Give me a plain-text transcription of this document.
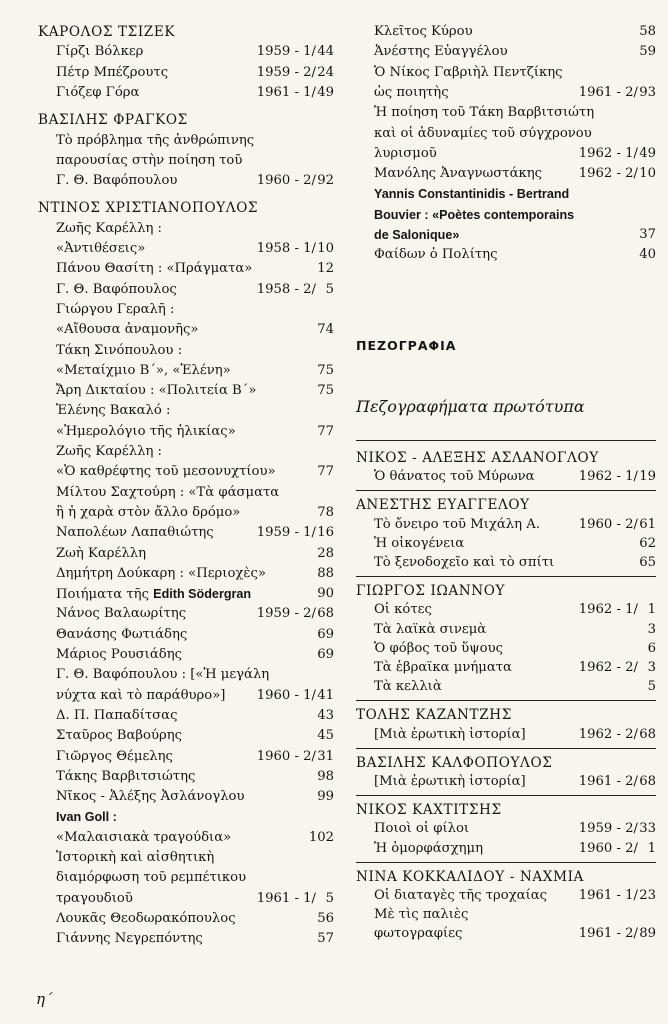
ΚΑΡΟΛΟΣ ΤΣΙΖΕΚ
Γίρζι Βόλκερ	1959 - 1/ 44
Πέτρ Μπέζρουτς	1959 - 2/ 24
Γιόζεφ Γόρα	1961 - 1/ 49
ΒΑΣΙΛΗΣ ΦΡΑΓΚΟΣ
Τὸ πρόβλημα τῆς ἀνθρώπινης
παρουσίας στὴν ποίηση τοῦ
Γ. Θ. Βαφόπουλου	1960 - 2/ 92
ΝΤΙΝΟΣ ΧΡΙΣΤΙΑΝΟΠΟΥΛΟΣ
Ζωῆς Καρέλλη :
«Ἀντιθέσεις»	1958 - 1/ 10
Πάνου Θασίτη : «Πράγματα»	12
Γ. Θ. Βαφόπουλος	1958 - 2/ 5
Γιώργου Γεραλῆ :
«Αἴθουσα ἀναμονῆς»	74
Τάκη Σινόπουλου :
«Μεταίχμιο Β΄», «Ἑλένη»	75
Ἄρη Δικταίου : «Πολιτεία Β΄»	75
Ἑλένης Βακαλό :
«Ἡμερολόγιο τῆς ἡλικίας»	77
Ζωῆς Καρέλλη :
«Ὁ καθρέφτης τοῦ μεσονυχτίου»	77
Μίλτου Σαχτούρη : «Τὰ φάσματα
ἢ ἡ χαρὰ στὸν ἄλλο δρόμο»	78
Ναπολέων Λαπαθιώτης	1959 - 1/ 16
Ζωὴ Καρέλλη	28
Δημήτρη Δούκαρη : «Περιοχὲς»	88
Ποιήματα τῆς Edith Södergran	90
Νάνος Βαλαωρίτης	1959 - 2/ 68
Θανάσης Φωτιάδης	69
Μάριος Ρουσιάδης	69
Γ. Θ. Βαφόπουλου : [«Ἡ μεγάλη
νύχτα καὶ τὸ παράθυρο»] 1960 - 1/ 41
Δ. Π. Παπαδίτσας	43
Σταῦρος Βαβούρης	45
Γιῶργος Θέμελης	1960 - 2/ 31
Τάκης Βαρβιτσιώτης	98
Νῖκος - Ἀλέξης Ἀσλάνογλου	99
Ivan Goll :
«Μαλαισιακὰ τραγούδια»	102
Ἱστορικὴ καὶ αἰσθητικὴ
διαμόρφωση τοῦ ρεμπέτικου
τραγουδιοῦ	1961 - 1/ 5
Λουκᾶς Θεοδωρακόπουλος	56
Γιάννης Νεγρεπόντης	57
Κλεῖτος Κύρου	58
Ἀνέστης Εὐαγγέλου	59
Ὁ Νίκος Γαβριὴλ Πεντζίκης
ὡς ποιητὴς	1961 - 2/ 93
Ἡ ποίηση τοῦ Τάκη Βαρβιτσιώτη
καὶ οἱ ἀδυναμίες τοῦ σύγχρονου
λυρισμοῦ	1962 - 1/ 49
Μανόλης Ἀναγνωστάκης	1962 - 2/ 10
Yannis Constantinidis - Bertrand
Bouvier : «Poètes contemporains
de Salonique»	37
Φαίδων ὁ Πολίτης	40
ΠΕΖΟΓΡΑΦΙΑ
Πεζογραφήματα πρωτότυπα
ΝΙΚΟΣ - ΑΛΕΞΗΣ ΑΣΛΑΝΟΓΛΟΥ
Ὁ θάνατος τοῦ Μύρωνα	1962 - 1/ 19
ΑΝΕΣΤΗΣ ΕΥΑΓΓΕΛΟΥ
Τὸ ὄνειρο τοῦ Μιχάλη Α.	1960 - 2/ 61
Ἡ οἰκογένεια	62
Τὸ ξενοδοχεῖο καὶ τὸ σπίτι	65
ΓΙΩΡΓΟΣ ΙΩΑΝΝΟΥ
Οἱ κότες	1962 - 1/ 1
Τὰ λαϊκὰ σινεμὰ	3
Ὁ φόβος τοῦ ὕψους	6
Τὰ ἑβραϊκα μνήματα	1962 - 2/ 3
Τὰ κελλιὰ	5
ΤΟΛΗΣ ΚΑΖΑΝΤΖΗΣ
[Μιὰ ἐρωτικὴ ἱστορία]	1962 - 2/ 68
ΒΑΣΙΛΗΣ ΚΑΛΦΟΠΟΥΛΟΣ
[Μιὰ ἐρωτικὴ ἱστορία]	1961 - 2/ 68
ΝΙΚΟΣ ΚΑΧΤΙΤΣΗΣ
Ποιοὶ οἱ φίλοι	1959 - 2/ 33
Ἡ ὁμορφάσχημη	1960 - 2/ 1
ΝΙΝΑ ΚΟΚΚΑΛΙΔΟΥ - ΝΑΧΜΙΑ
Οἱ διαταγὲς τῆς τροχαίας 1961 - 1/ 23
Μὲ τὶς παλιὲς
φωτογραφίες	1961 - 2/ 89
η΄
